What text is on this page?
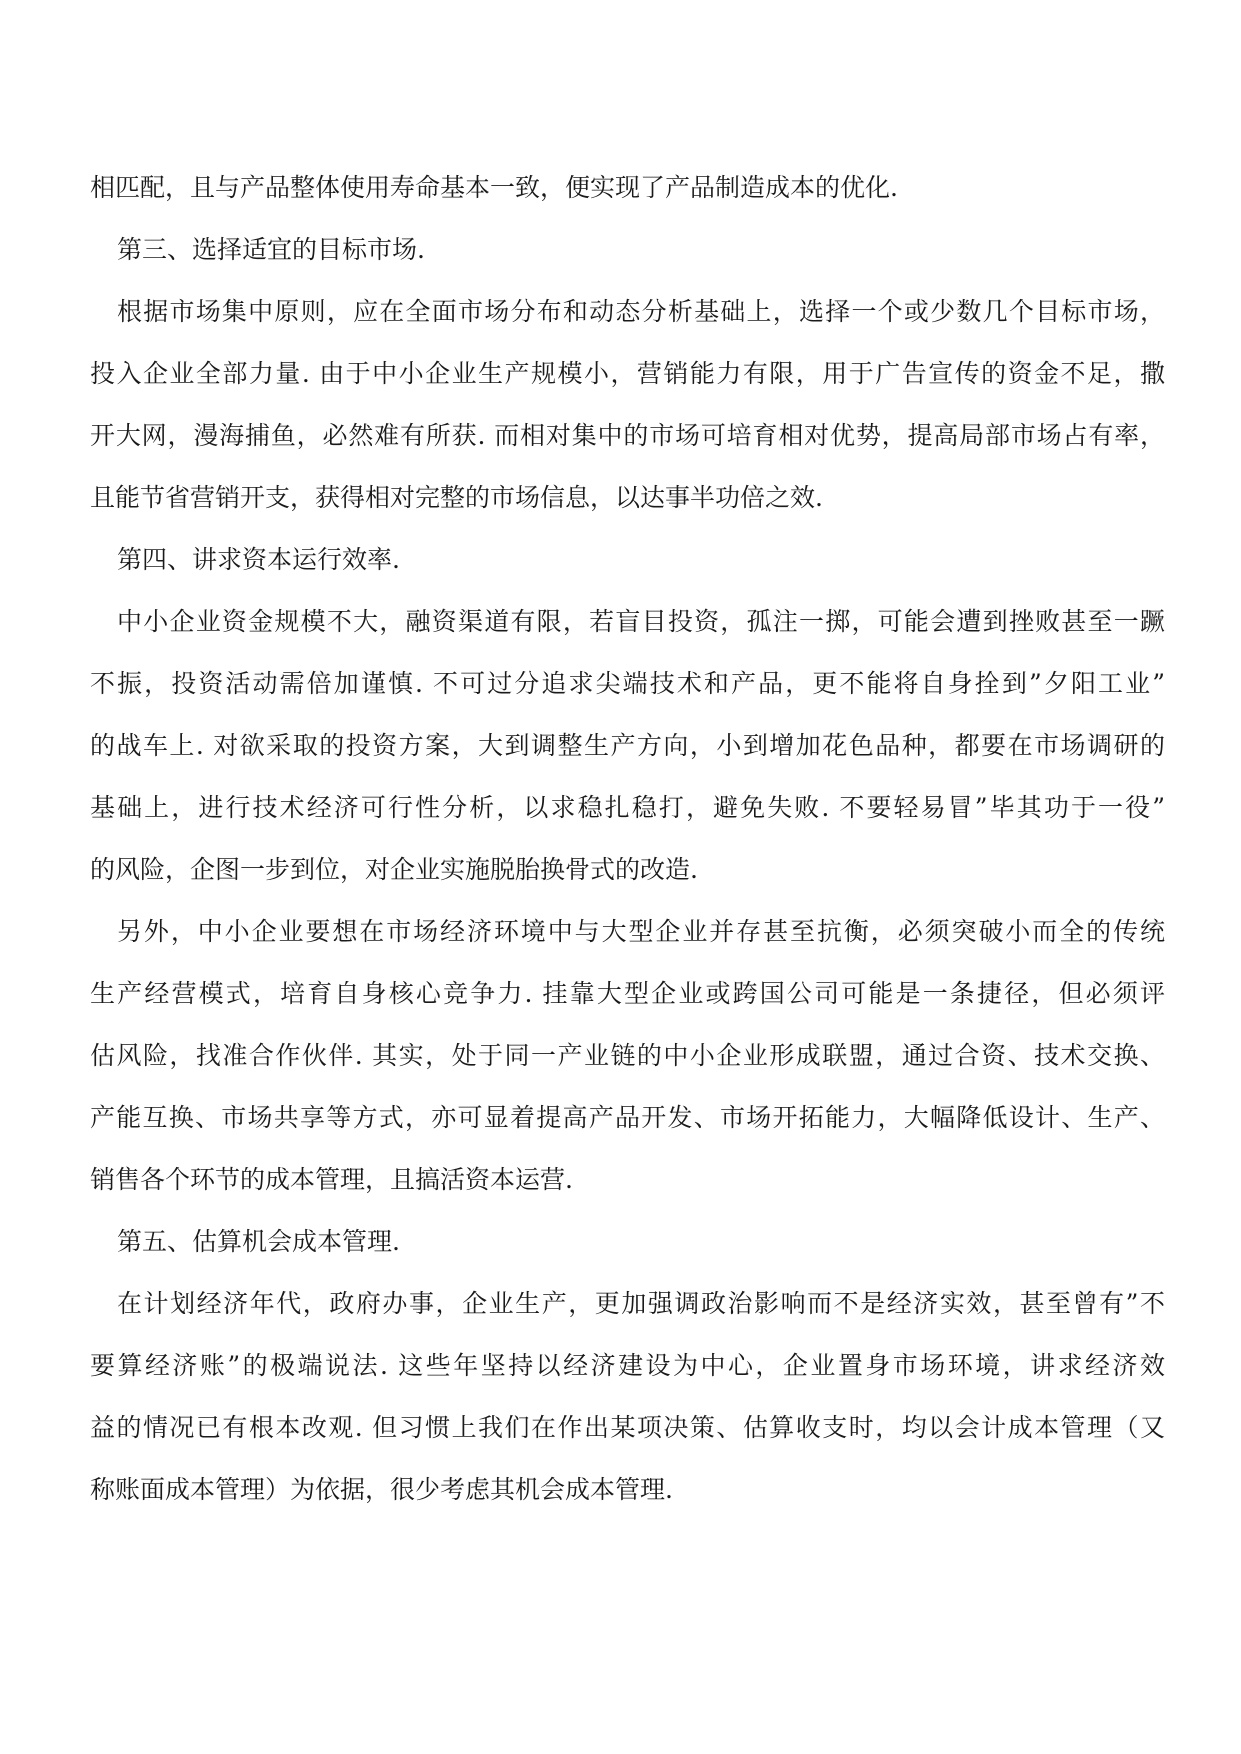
相匹配，且与产品整体使用寿命基本一致，便实现了产品制造成本的优化.
第三、选择适宜的目标市场.
根据市场集中原则，应在全面市场分布和动态分析基础上，选择一个或少数几个目标市场，
投入企业全部力量. 由于中小企业生产规模小，营销能力有限，用于广告宣传的资金不足，撒
开大网，漫海捕鱼，必然难有所获. 而相对集中的市场可培育相对优势，提高局部市场占有率，
且能节省营销开支，获得相对完整的市场信息，以达事半功倍之效.
第四、讲求资本运行效率.
中小企业资金规模不大，融资渠道有限，若盲目投资，孤注一掷，可能会遭到挫败甚至一蹶
不振，投资活动需倍加谨慎. 不可过分追求尖端技术和产品，更不能将自身拴到”夕阳工业”
的战车上. 对欲采取的投资方案，大到调整生产方向，小到增加花色品种，都要在市场调研的
基础上，进行技术经济可行性分析，以求稳扎稳打，避免失败. 不要轻易冒”毕其功于一役”
的风险，企图一步到位，对企业实施脱胎换骨式的改造.
另外，中小企业要想在市场经济环境中与大型企业并存甚至抗衡，必须突破小而全的传统
生产经营模式，培育自身核心竞争力. 挂靠大型企业或跨国公司可能是一条捷径，但必须评
估风险，找准合作伙伴. 其实，处于同一产业链的中小企业形成联盟，通过合资、技术交换、
产能互换、市场共享等方式，亦可显着提高产品开发、市场开拓能力，大幅降低设计、生产、
销售各个环节的成本管理，且搞活资本运营.
第五、估算机会成本管理.
在计划经济年代，政府办事，企业生产，更加强调政治影响而不是经济实效，甚至曾有”不
要算经济账”的极端说法. 这些年坚持以经济建设为中心，企业置身市场环境，讲求经济效
益的情况已有根本改观. 但习惯上我们在作出某项决策、估算收支时，均以会计成本管理（又
称账面成本管理）为依据，很少考虑其机会成本管理.
